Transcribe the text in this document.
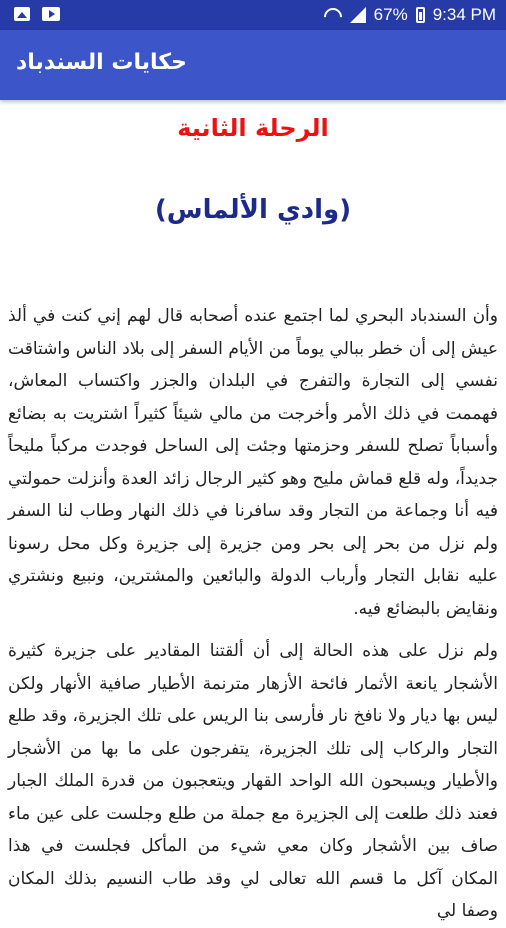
67% 9:34 PM
حكايات السندباد
الرحلة الثانية
(وادي الألماس)
وأن السندباد البحري لما اجتمع عنده أصحابه قال لهم إني كنت في ألذ عيش إلى أن خطر ببالي يوماً من الأيام السفر إلى بلاد الناس واشتاقت نفسي إلى التجارة والتفرج في البلدان والجزر واكتساب المعاش، فهممت في ذلك الأمر وأخرجت من مالي شيئاً كثيراً اشتريت به بضائع وأسباباً تصلح للسفر وحزمتها وجئت إلى الساحل فوجدت مركباً مليحاً جديداً، وله قلع قماش مليح وهو كثير الرجال زائد العدة وأنزلت حمولتي فيه أنا وجماعة من التجار وقد سافرنا في ذلك النهار وطاب لنا السفر ولم نزل من بحر إلى بحر ومن جزيرة إلى جزيرة وكل محل رسونا عليه نقابل التجار وأرباب الدولة والبائعين والمشترين، ونبيع ونشتري ونقايض بالبضائع فيه.
ولم نزل على هذه الحالة إلى أن ألقتنا المقادير على جزيرة كثيرة الأشجار يانعة الأثمار فائحة الأزهار مترنمة الأطيار صافية الأنهار ولكن ليس بها ديار ولا نافخ نار فأرسى بنا الريس على تلك الجزيرة، وقد طلع التجار والركاب إلى تلك الجزيرة، يتفرجون على ما بها من الأشجار والأطيار ويسبحون الله الواحد القهار ويتعجبون من قدرة الملك الجبار فعند ذلك طلعت إلى الجزيرة مع جملة من طلع وجلست على عين ماء صاف بين الأشجار وكان معي شيء من المأكل فجلست في هذا المكان آكل ما قسم الله تعالى لي وقد طاب النسيم بذلك المكان وصفا لي
